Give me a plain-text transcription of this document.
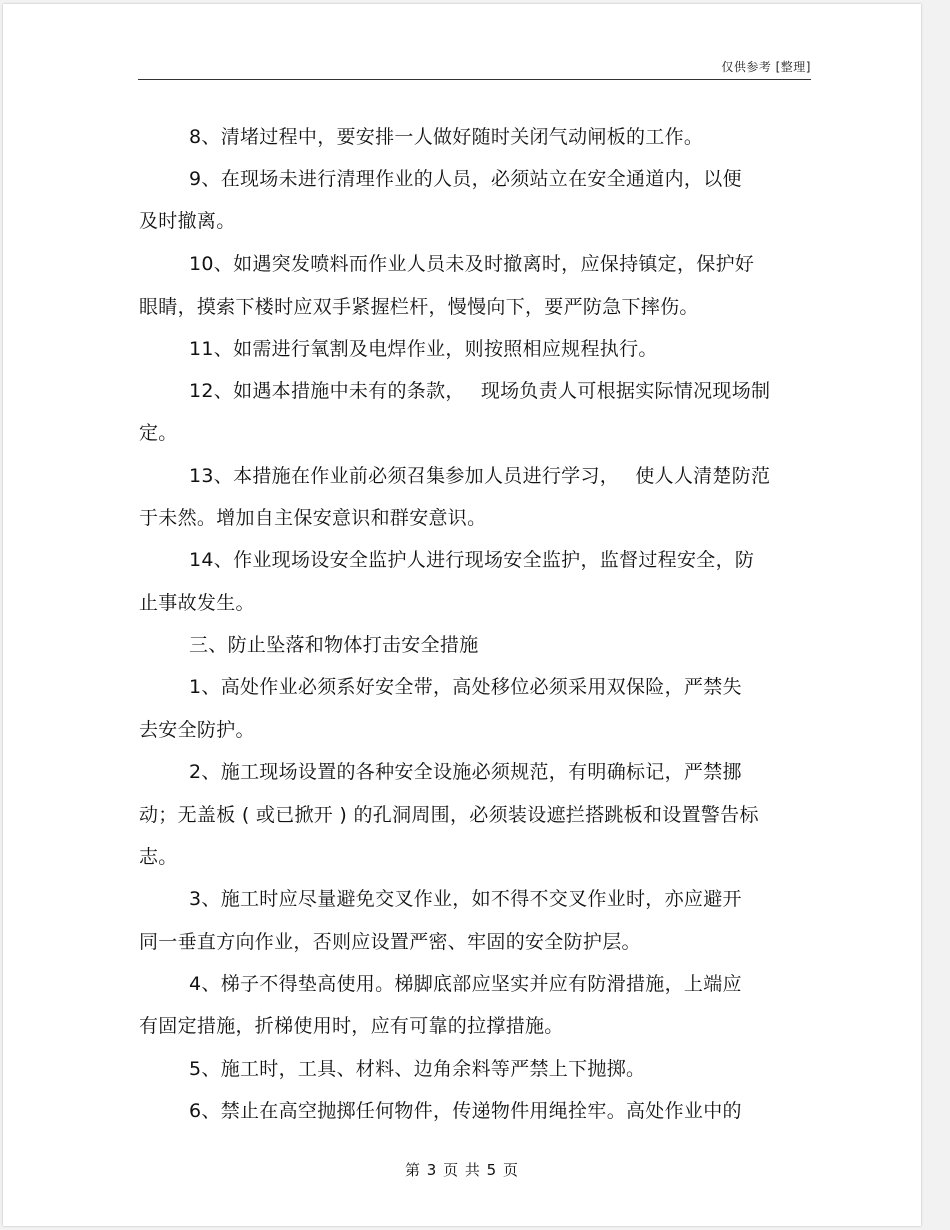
仅供参考 [整理]
8、清堵过程中，要安排一人做好随时关闭气动闸板的工作。
9、在现场未进行清理作业的人员，必须站立在安全通道内，以便
及时撤离。
10、如遇突发喷料而作业人员未及时撤离时，应保持镇定，保护好
眼睛，摸索下楼时应双手紧握栏杆，慢慢向下，要严防急下摔伤。
11、如需进行氧割及电焊作业，则按照相应规程执行。
12、如遇本措施中未有的条款，　 现场负责人可根据实际情况现场制
定。
13、本措施在作业前必须召集参加人员进行学习，　 使人人清楚防范
于未然。增加自主保安意识和群安意识。
14、作业现场设安全监护人进行现场安全监护，监督过程安全，防
止事故发生。
三、防止坠落和物体打击安全措施
1、高处作业必须系好安全带，高处移位必须采用双保险，严禁失
去安全防护。
2、施工现场设置的各种安全设施必须规范，有明确标记，严禁挪
动；无盖板 ( 或已掀开 ) 的孔洞周围，必须装设遮拦搭跳板和设置警告标
志。
3、施工时应尽量避免交叉作业，如不得不交叉作业时，亦应避开
同一垂直方向作业，否则应设置严密、牢固的安全防护层。
4、梯子不得垫高使用。梯脚底部应坚实并应有防滑措施，上端应
有固定措施，折梯使用时，应有可靠的拉撑措施。
5、施工时，工具、材料、边角余料等严禁上下抛掷。
6、禁止在高空抛掷任何物件，传递物件用绳拴牢。高处作业中的
第 3 页 共 5 页
